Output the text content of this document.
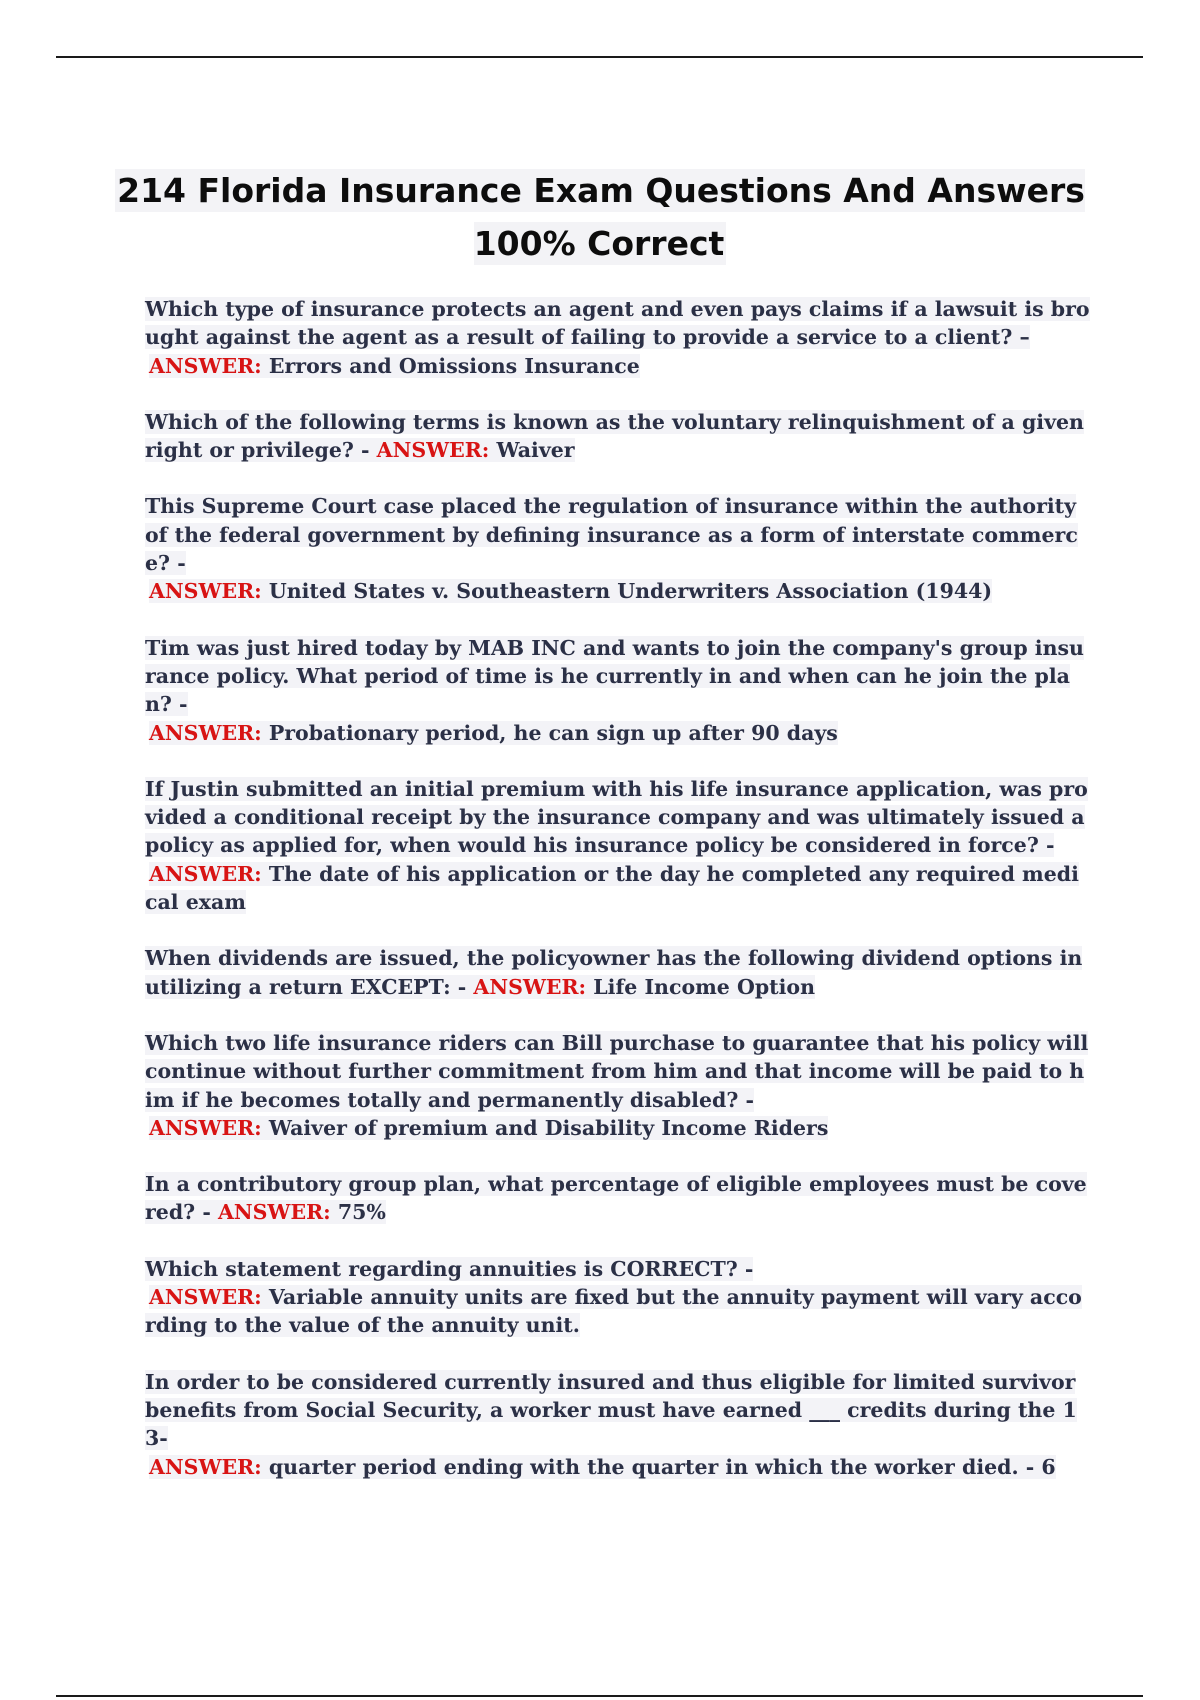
214 Florida Insurance Exam Questions And Answers 100% Correct

Which type of insurance protects an agent and even pays claims if a lawsuit is brought against the agent as a result of failing to provide a service to a client? –
ANSWER: Errors and Omissions Insurance

Which of the following terms is known as the voluntary relinquishment of a given right or privilege? - ANSWER: Waiver

This Supreme Court case placed the regulation of insurance within the authority of the federal government by defining insurance as a form of interstate commerce? -
ANSWER: United States v. Southeastern Underwriters Association (1944)

Tim was just hired today by MAB INC and wants to join the company's group insurance policy. What period of time is he currently in and when can he join the plan? -
ANSWER: Probationary period, he can sign up after 90 days

If Justin submitted an initial premium with his life insurance application, was provided a conditional receipt by the insurance company and was ultimately issued a policy as applied for, when would his insurance policy be considered in force? -
ANSWER: The date of his application or the day he completed any required medical exam

When dividends are issued, the policyowner has the following dividend options in utilizing a return EXCEPT: - ANSWER: Life Income Option

Which two life insurance riders can Bill purchase to guarantee that his policy will continue without further commitment from him and that income will be paid to him if he becomes totally and permanently disabled? -
ANSWER: Waiver of premium and Disability Income Riders

In a contributory group plan, what percentage of eligible employees must be covered? - ANSWER: 75%

Which statement regarding annuities is CORRECT? -
ANSWER: Variable annuity units are fixed but the annuity payment will vary according to the value of the annuity unit.

In order to be considered currently insured and thus eligible for limited survivor benefits from Social Security, a worker must have earned ___ credits during the 13-
ANSWER: quarter period ending with the quarter in which the worker died. - 6
